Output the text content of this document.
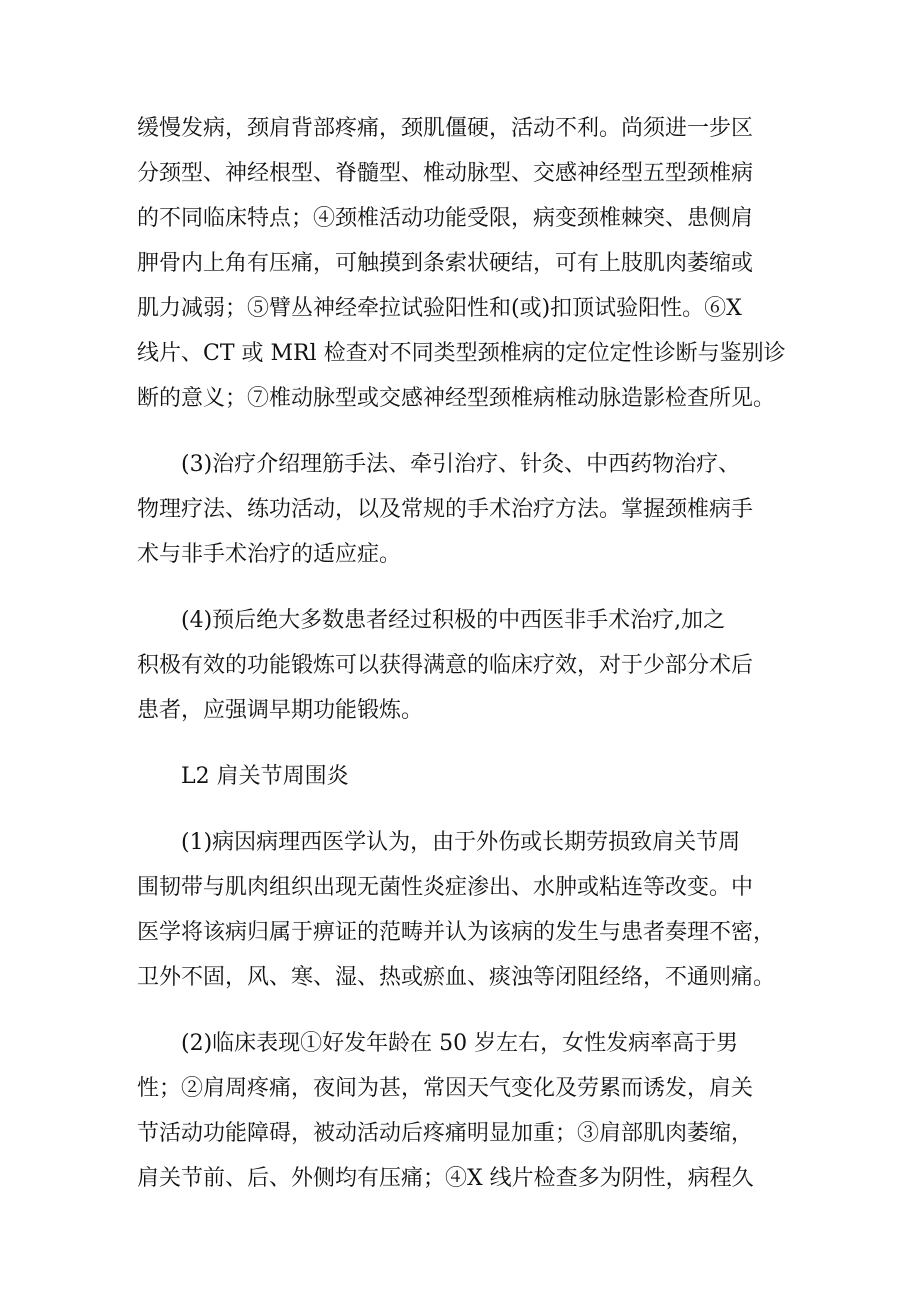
缓慢发病，颈肩背部疼痛，颈肌僵硬，活动不利。尚须进一步区
分颈型、神经根型、脊髓型、椎动脉型、交感神经型五型颈椎病
的不同临床特点；④颈椎活动功能受限，病变颈椎棘突、患侧肩
胛骨内上角有压痛，可触摸到条索状硬结，可有上肢肌肉萎缩或
肌力减弱；⑤臂丛神经牵拉试验阳性和(或)扣顶试验阳性。⑥X
线片、CT 或 MRl 检查对不同类型颈椎病的定位定性诊断与鉴别诊
断的意义；⑦椎动脉型或交感神经型颈椎病椎动脉造影检查所见。
(3)治疗介绍理筋手法、牵引治疗、针灸、中西药物治疗、
物理疗法、练功活动，以及常规的手术治疗方法。掌握颈椎病手
术与非手术治疗的适应症。
(4)预后绝大多数患者经过积极的中西医非手术治疗,加之
积极有效的功能锻炼可以获得满意的临床疗效，对于少部分术后
患者，应强调早期功能锻炼。
L2 肩关节周围炎
(1)病因病理西医学认为，由于外伤或长期劳损致肩关节周
围韧带与肌肉组织出现无菌性炎症渗出、水肿或粘连等改变。中
医学将该病归属于痹证的范畴并认为该病的发生与患者奏理不密，
卫外不固，风、寒、湿、热或瘀血、痰浊等闭阻经络，不通则痛。
(2)临床表现①好发年龄在 50 岁左右，女性发病率高于男
性；②肩周疼痛，夜间为甚，常因天气变化及劳累而诱发，肩关
节活动功能障碍，被动活动后疼痛明显加重；③肩部肌肉萎缩，
肩关节前、后、外侧均有压痛；④X 线片检查多为阴性，病程久
